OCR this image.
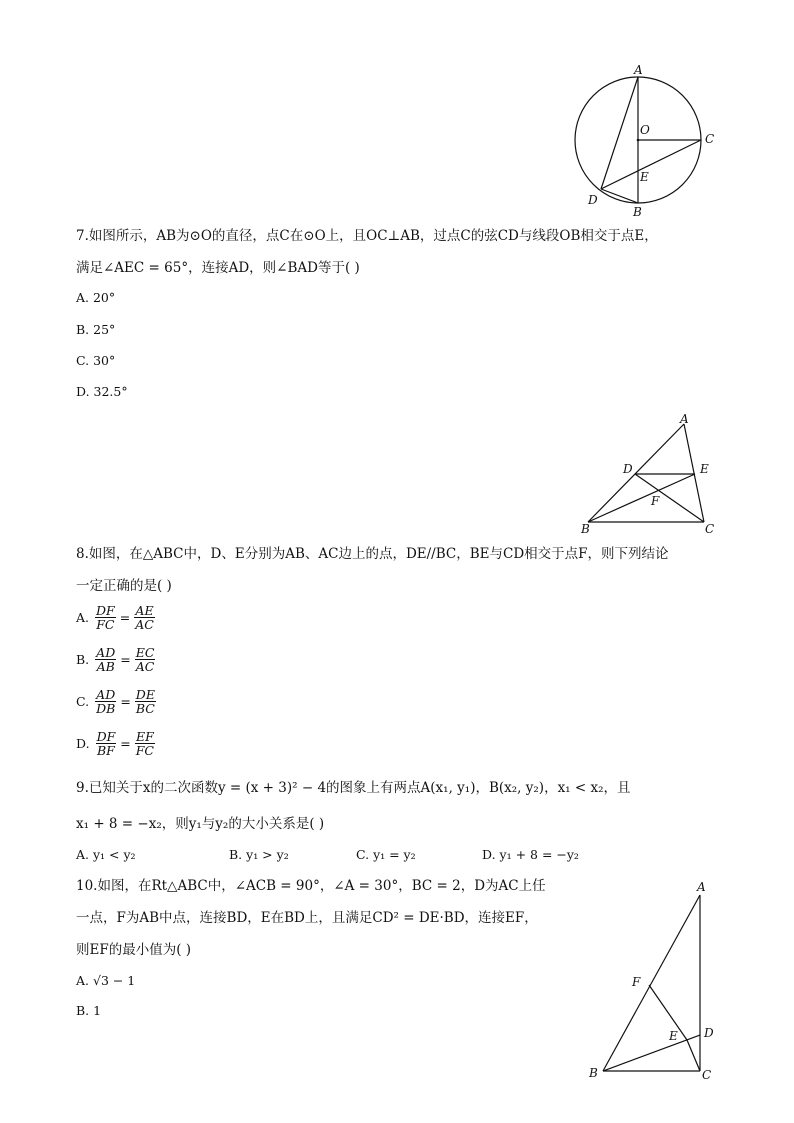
A
O
C
E
D
B
7.如图所示，AB为⊙O的直径，点C在⊙O上，且OC⊥AB，过点C的弦CD与线段OB相交于点E，
满足∠AEC = 65°，连接AD，则∠BAD等于( )
A. 20°
B. 25°
C. 30°
D. 32.5°
A
D	E
F
B	C
8.如图，在△ABC中，D、E分别为AB、AC边上的点，DE//BC，BE与CD相交于点F，则下列结论
一定正确的是( )
A. $\frac{DF}{FC} = \frac{AE}{AC}$
B. $\frac{AD}{AB} = \frac{EC}{AC}$
C. $\frac{AD}{DB} = \frac{DE}{BC}$
D. $\frac{DF}{BF} = \frac{EF}{FC}$
9.已知关于x的二次函数y = (x + 3)² − 4的图象上有两点A(x₁, y₁)，B(x₂, y₂)，x₁ < x₂，且
x₁ + 8 = −x₂，则y₁与y₂的大小关系是( )
A. y₁ < y₂	B. y₁ > y₂	C. y₁ = y₂	D. y₁ + 8 = −y₂
10.如图，在Rt△ABC中，∠ACB = 90°，∠A = 30°，BC = 2，D为AC上任
一点，F为AB中点，连接BD，E在BD上，且满足CD² = DE·BD，连接EF，
则EF的最小值为( )
A. √3 − 1
B. 1
A
F
E D
B	C
